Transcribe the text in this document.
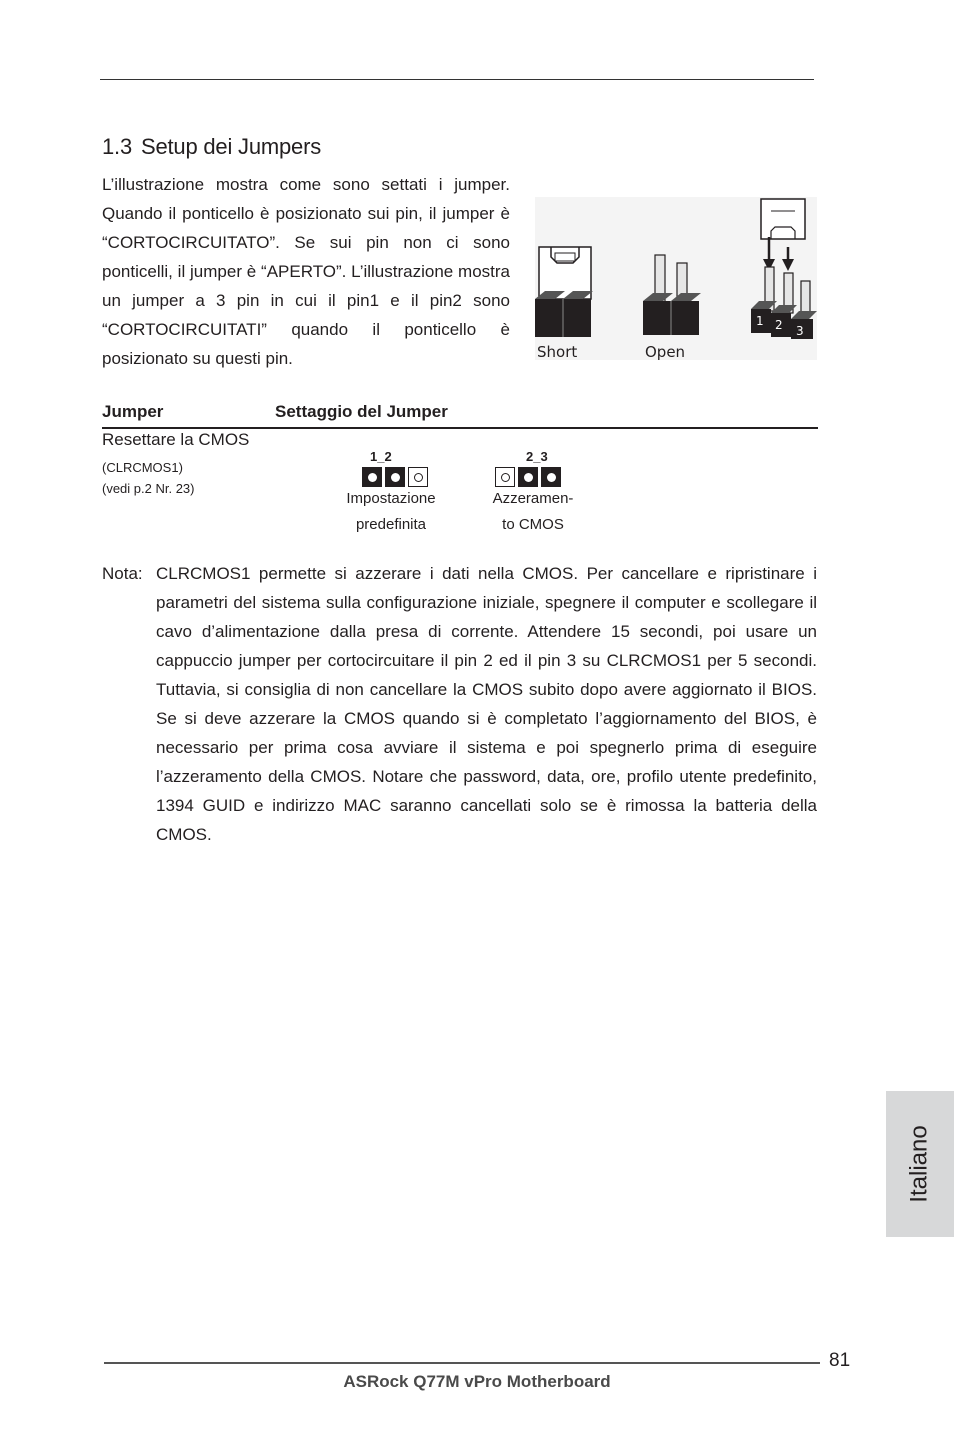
1.3 Setup dei Jumpers

L’illustrazione mostra come sono settati i jumper. Quando il ponticello è posizionato sui pin, il jumper è “CORTOCIRCUITATO”. Se sui pin non ci sono ponticelli, il jumper è “APERTO”. L’illustrazione mostra un jumper a 3 pin in cui il pin1 e il pin2 sono “CORTOCIRCUITATI” quando il ponticello è posizionato su questi pin.

1 2 3
Short	Open
Jumper	Settaggio del Jumper
Resettare la CMOS
(CLRCMOS1)
(vedi p.2 Nr. 23)
1_2
Impostazione
predefinita
2_3
Azzeramen-
to CMOS
Nota: CLRCMOS1 permette si azzerare i dati nella CMOS. Per cancellare e ripristinare i parametri del sistema sulla configurazione iniziale, spegnere il computer e scollegare il cavo d’alimentazione dalla presa di corrente. Attendere 15 secondi, poi usare un cappuccio jumper per cortocircuitare il pin 2 ed il pin 3 su CLRCMOS1 per 5 secondi. Tuttavia, si consiglia di non cancellare la CMOS subito dopo avere aggiornato il BIOS. Se si deve azzerare la CMOS quando si è completato l’aggiornamento del BIOS, è necessario per prima cosa avviare il sistema e poi spegnerlo prima di eseguire l’azzeramento della CMOS. Notare che password, data, ore, profilo utente predefinito, 1394 GUID e indirizzo MAC saranno cancellati solo se è rimossa la batteria della CMOS.
Italiano
81
ASRock Q77M vPro Motherboard
